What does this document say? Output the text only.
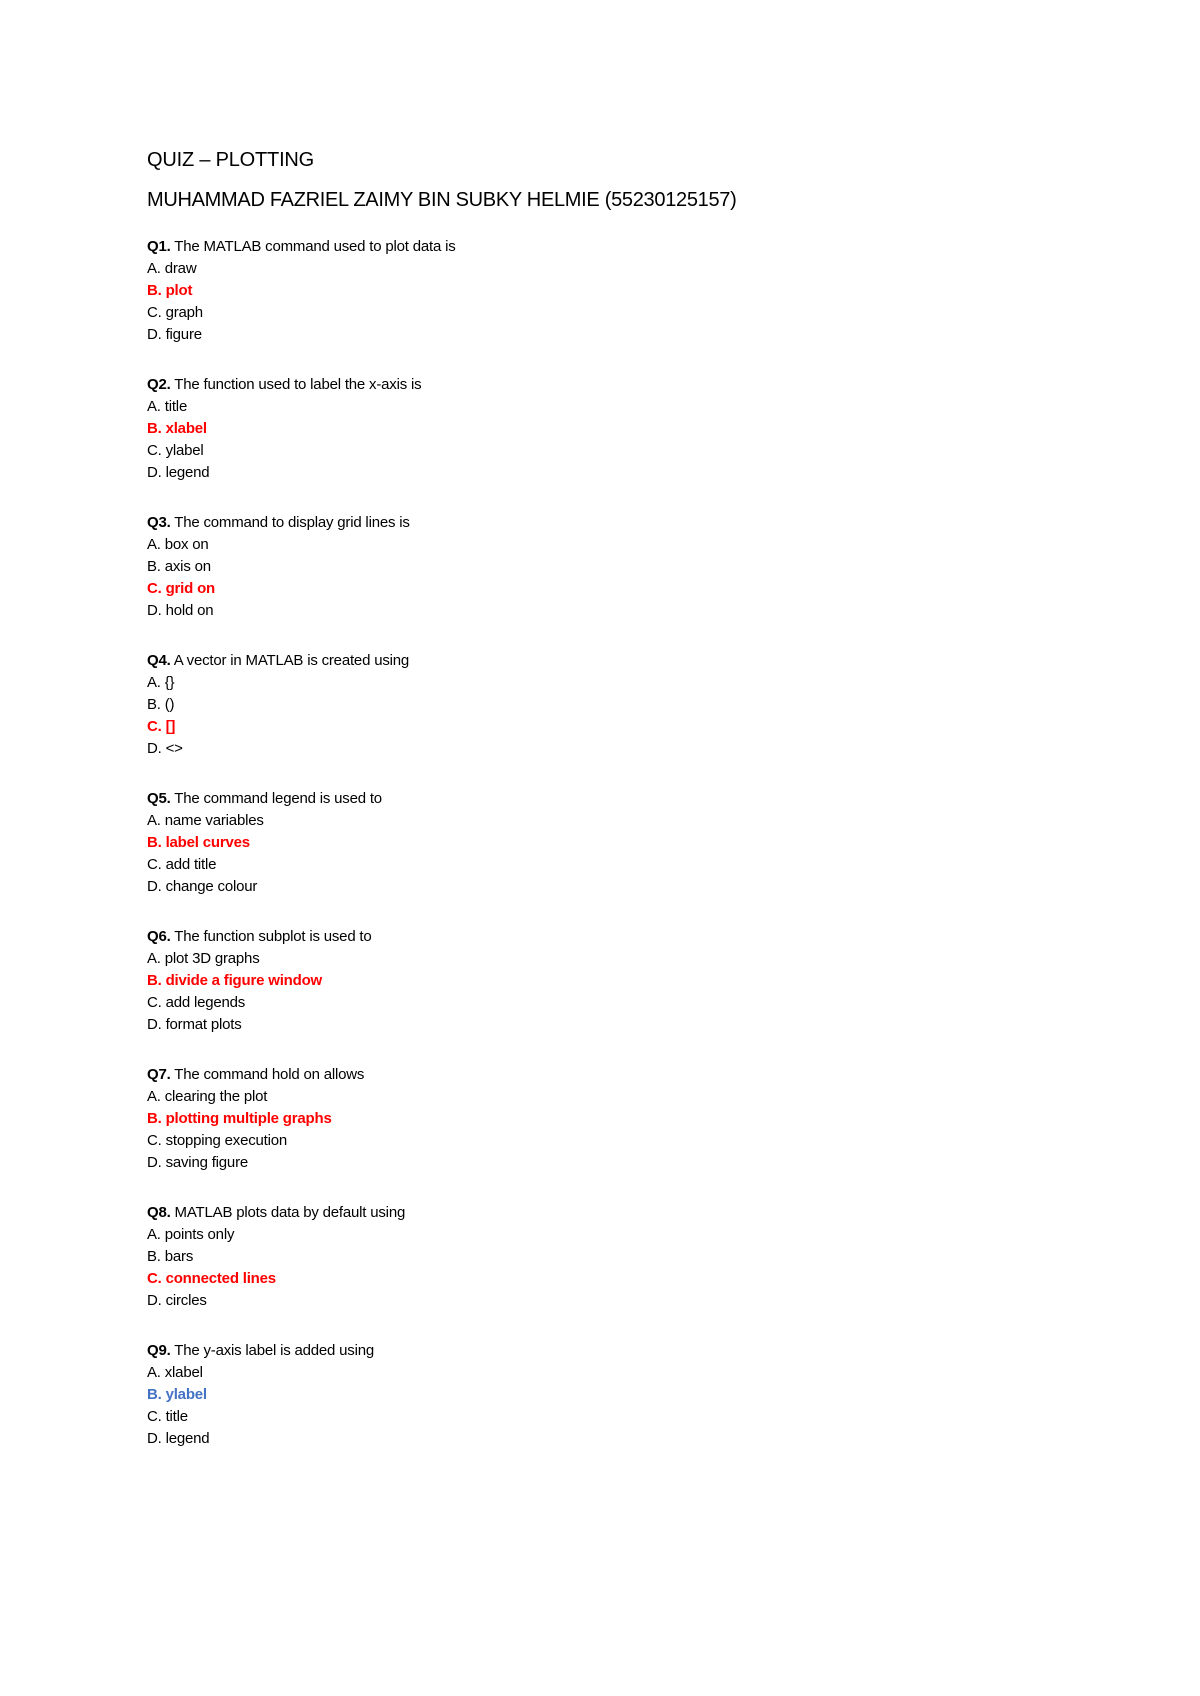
QUIZ – PLOTTING
MUHAMMAD FAZRIEL ZAIMY BIN SUBKY HELMIE (55230125157)
Q1. The MATLAB command used to plot data is
A. draw
B. plot
C. graph
D. figure
Q2. The function used to label the x-axis is
A. title
B. xlabel
C. ylabel
D. legend
Q3. The command to display grid lines is
A. box on
B. axis on
C. grid on
D. hold on
Q4. A vector in MATLAB is created using
A. {}
B. ()
C. []
D. <>
Q5. The command legend is used to
A. name variables
B. label curves
C. add title
D. change colour
Q6. The function subplot is used to
A. plot 3D graphs
B. divide a figure window
C. add legends
D. format plots
Q7. The command hold on allows
A. clearing the plot
B. plotting multiple graphs
C. stopping execution
D. saving figure
Q8. MATLAB plots data by default using
A. points only
B. bars
C. connected lines
D. circles
Q9. The y-axis label is added using
A. xlabel
B. ylabel
C. title
D. legend
